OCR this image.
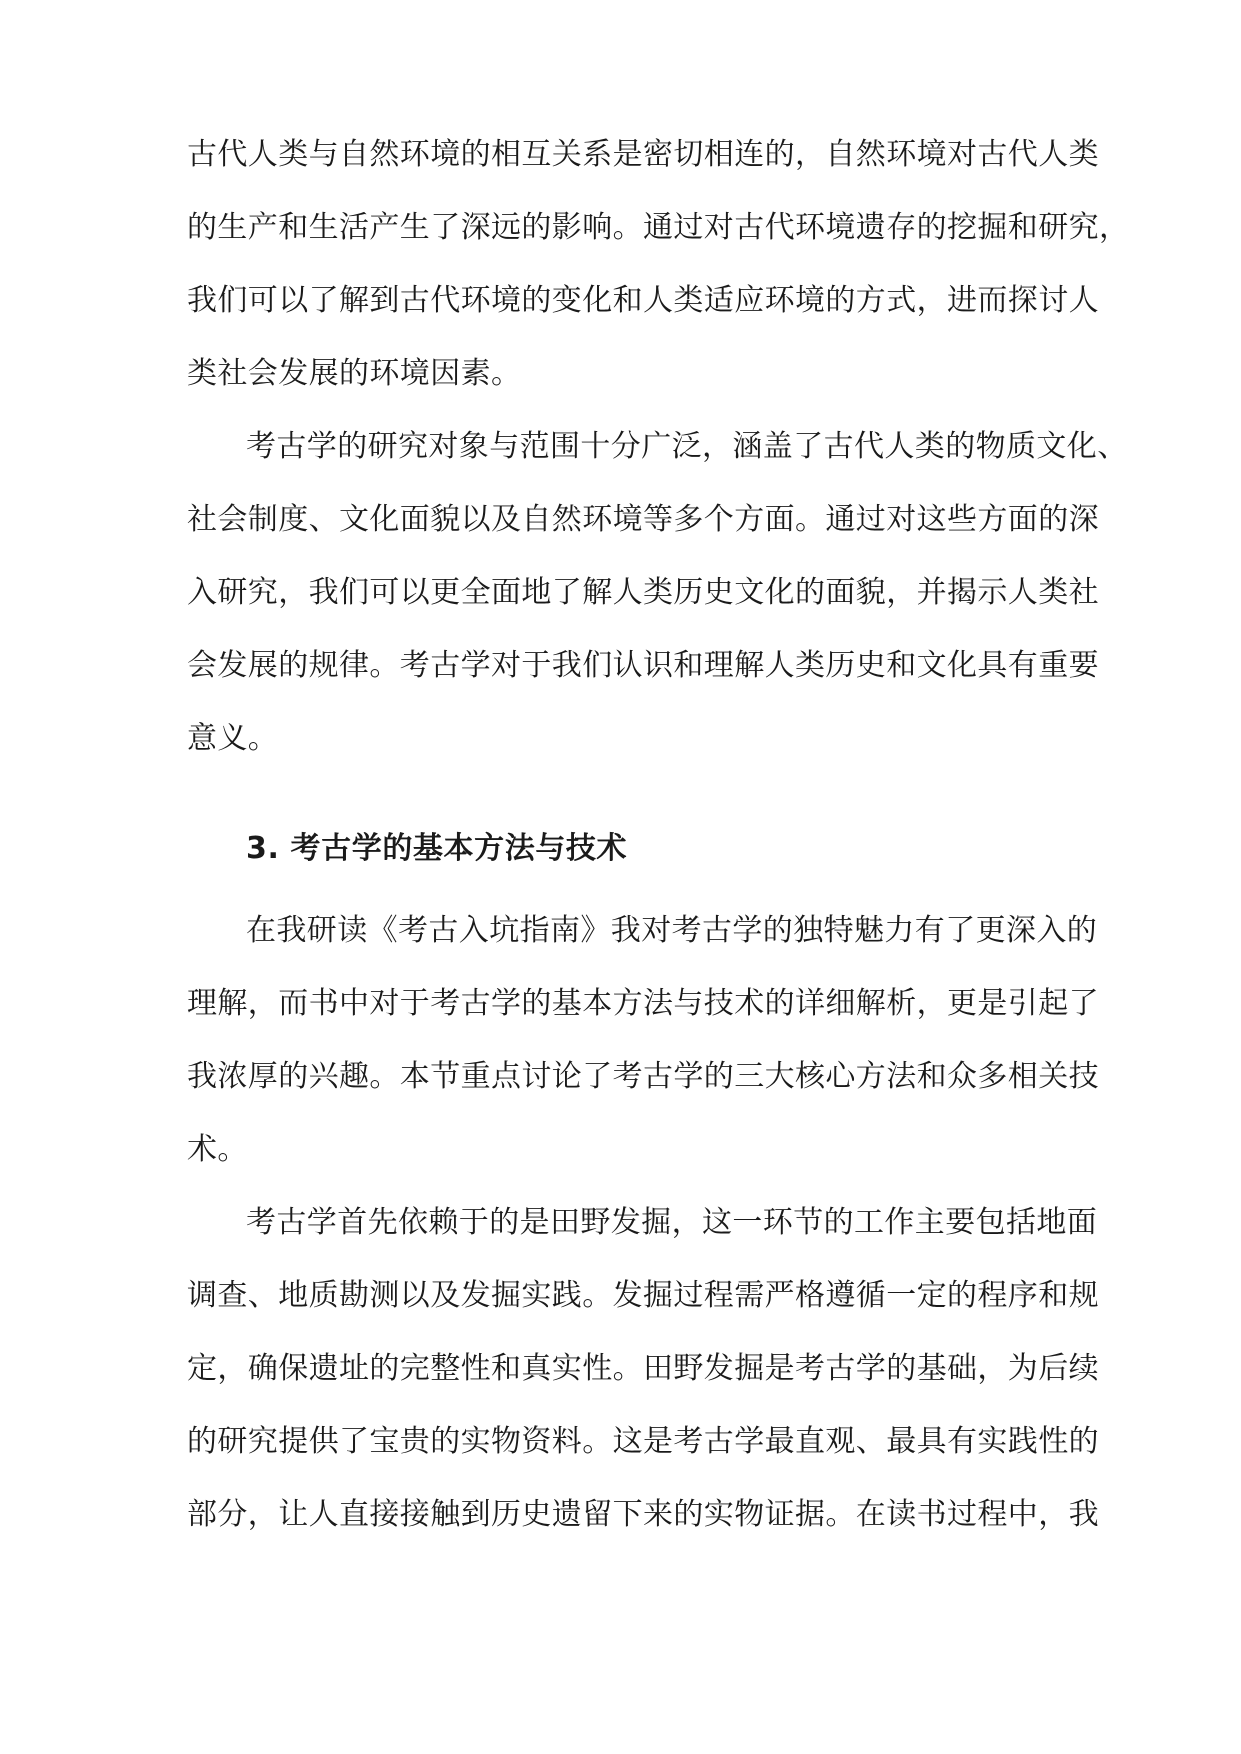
古代人类与自然环境的相互关系是密切相连的，自然环境对古代人类
的生产和生活产生了深远的影响。通过对古代环境遗存的挖掘和研究，
我们可以了解到古代环境的变化和人类适应环境的方式，进而探讨人
类社会发展的环境因素。
考古学的研究对象与范围十分广泛，涵盖了古代人类的物质文化、
社会制度、文化面貌以及自然环境等多个方面。通过对这些方面的深
入研究，我们可以更全面地了解人类历史文化的面貌，并揭示人类社
会发展的规律。考古学对于我们认识和理解人类历史和文化具有重要
意义。
3. 考古学的基本方法与技术
在我研读《考古入坑指南》我对考古学的独特魅力有了更深入的
理解，而书中对于考古学的基本方法与技术的详细解析，更是引起了
我浓厚的兴趣。本节重点讨论了考古学的三大核心方法和众多相关技
术。
考古学首先依赖于的是田野发掘，这一环节的工作主要包括地面
调查、地质勘测以及发掘实践。发掘过程需严格遵循一定的程序和规
定，确保遗址的完整性和真实性。田野发掘是考古学的基础，为后续
的研究提供了宝贵的实物资料。这是考古学最直观、最具有实践性的
部分，让人直接接触到历史遗留下来的实物证据。在读书过程中，我
